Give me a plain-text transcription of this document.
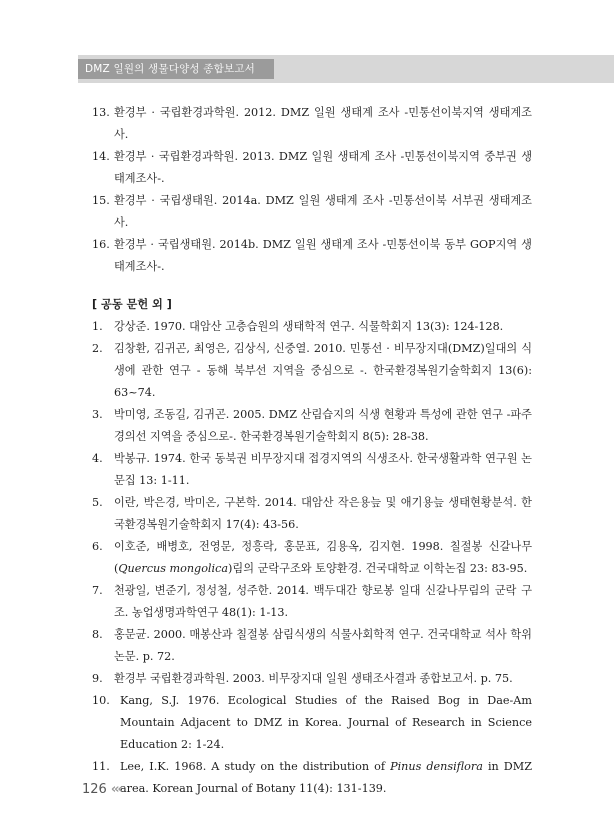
DMZ 일원의 생물다양성 종합보고서
13. 환경부 · 국립환경과학원. 2012. DMZ 일원 생태계 조사 -민통선이북지역 생태계조사.
14. 환경부 · 국립환경과학원. 2013. DMZ 일원 생태계 조사 -민통선이북지역 중부권 생태계조사-.
15. 환경부 · 국립생태원. 2014a. DMZ 일원 생태계 조사 -민통선이북 서부권 생태계조사.
16. 환경부 · 국립생태원. 2014b. DMZ 일원 생태계 조사 -민통선이북 동부 GOP지역 생태계조사-.
[ 공동 문헌 외 ]
1. 강상준. 1970. 대암산 고층습원의 생태학적 연구. 식물학회지 13(3): 124-128.
2. 김창환, 김귀곤, 최영은, 김상식, 신중열. 2010. 민통선 · 비무장지대(DMZ)일대의 식생에 관한 연구 - 동해 북부선 지역을 중심으로 -. 한국환경복원기술학회지 13(6): 63~74.
3. 박미영, 조동길, 김귀곤. 2005. DMZ 산림습지의 식생 현황과 특성에 관한 연구 -파주 경의선 지역을 중심으로-. 한국환경복원기술학회지 8(5): 28-38.
4. 박봉규. 1974. 한국 동북권 비무장지대 접경지역의 식생조사. 한국생활과학 연구원 논문집 13: 1-11.
5. 이란, 박은경, 박미온, 구본학. 2014. 대암산 작은용늪 및 애기용늪 생태현황분석. 한국환경복원기술학회지 17(4): 43-56.
6. 이호준, 배병호, 전영문, 정흥락, 홍문표, 김용옥, 김지현. 1998. 칠절봉 신갈나무 (Quercus mongolica)림의 군락구조와 토양환경. 건국대학교 이학논집 23: 83-95.
7. 천광일, 변준기, 정성철, 성주한. 2014. 백두대간 향로봉 일대 신갈나무림의 군락 구조. 농업생명과학연구 48(1): 1-13.
8. 홍문균. 2000. 매봉산과 칠절봉 삼림식생의 식물사회학적 연구. 건국대학교 석사 학위논문. p. 72.
9. 환경부 국립환경과학원. 2003. 비무장지대 일원 생태조사결과 종합보고서. p. 75.
10. Kang, S.J. 1976. Ecological Studies of the Raised Bog in Dae-Am Mountain Adjacent to DMZ in Korea. Journal of Research in Science Education 2: 1-24.
11. Lee, I.K. 1968. A study on the distribution of Pinus densiflora in DMZ area. Korean Journal of Botany 11(4): 131-139.
126 ‹‹‹
